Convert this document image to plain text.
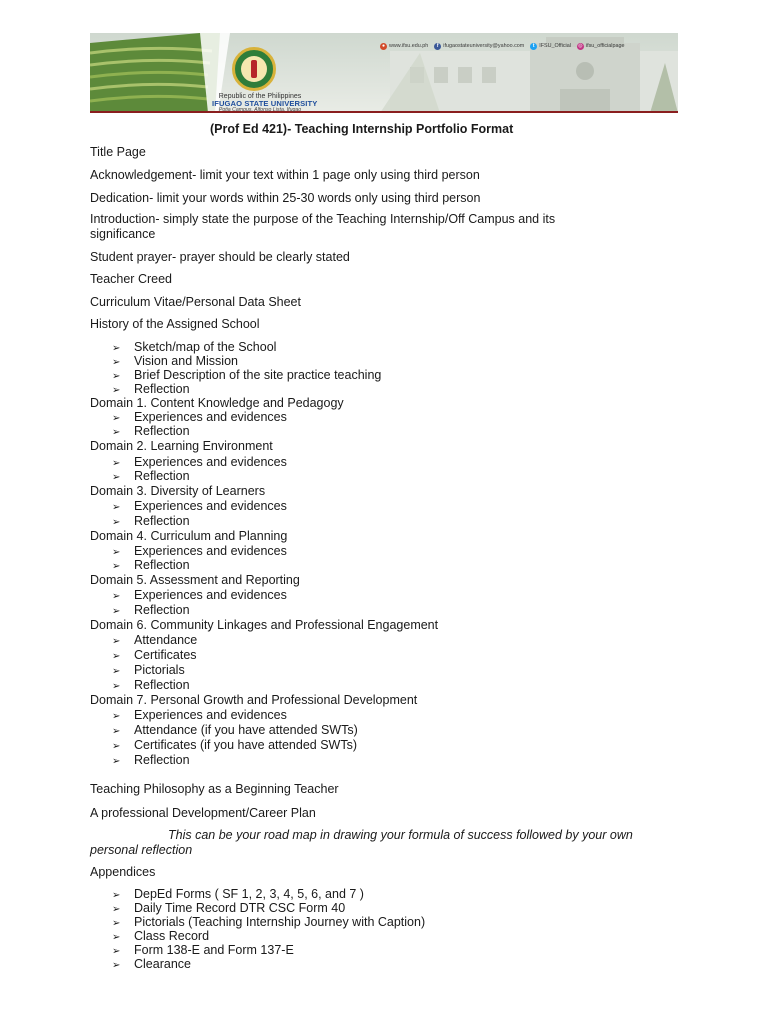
Republic of the Philippines
IFUGAO STATE UNIVERSITY
Potia Campus, Alfonso Lista, Ifugao
● www.ifsu.edu.ph	f ifugaostateuniversity@yahoo.com	t IFSU_Official ◎ ifsu_officialpage
(Prof Ed 421)- Teaching Internship Portfolio Format
Title Page
Acknowledgement- limit your text within 1 page only using third person
Dedication- limit your words within 25-30 words only using third person
Introduction- simply state the purpose of the Teaching Internship/Off Campus and its significance
Student prayer- prayer should be clearly stated
Teacher Creed
Curriculum Vitae/Personal Data Sheet
History of the Assigned School
➢ Sketch/map of the School
➢ Vision and Mission
➢ Brief Description of the site practice teaching
➢ Reflection
Domain 1. Content Knowledge and Pedagogy
➢ Experiences and evidences
➢ Reflection
Domain 2. Learning Environment
➢ Experiences and evidences
➢ Reflection
Domain 3. Diversity of Learners
➢ Experiences and evidences
➢ Reflection
Domain 4. Curriculum and Planning
➢ Experiences and evidences
➢ Reflection
Domain 5. Assessment and Reporting
➢ Experiences and evidences
➢ Reflection
Domain 6. Community Linkages and Professional Engagement
➢ Attendance
➢ Certificates
➢ Pictorials
➢ Reflection
Domain 7. Personal Growth and Professional Development
➢ Experiences and evidences
➢ Attendance (if you have attended SWTs)
➢ Certificates (if you have attended SWTs)
➢ Reflection
Teaching Philosophy as a Beginning Teacher
A professional Development/Career Plan
This can be your road map in drawing your formula of success followed by your own personal reflection
Appendices
➢ DepEd Forms ( SF 1, 2, 3, 4, 5, 6, and 7 )
➢ Daily Time Record DTR CSC Form 40
➢ Pictorials (Teaching Internship Journey with Caption)
➢ Class Record
➢ Form 138-E and Form 137-E
➢ Clearance
